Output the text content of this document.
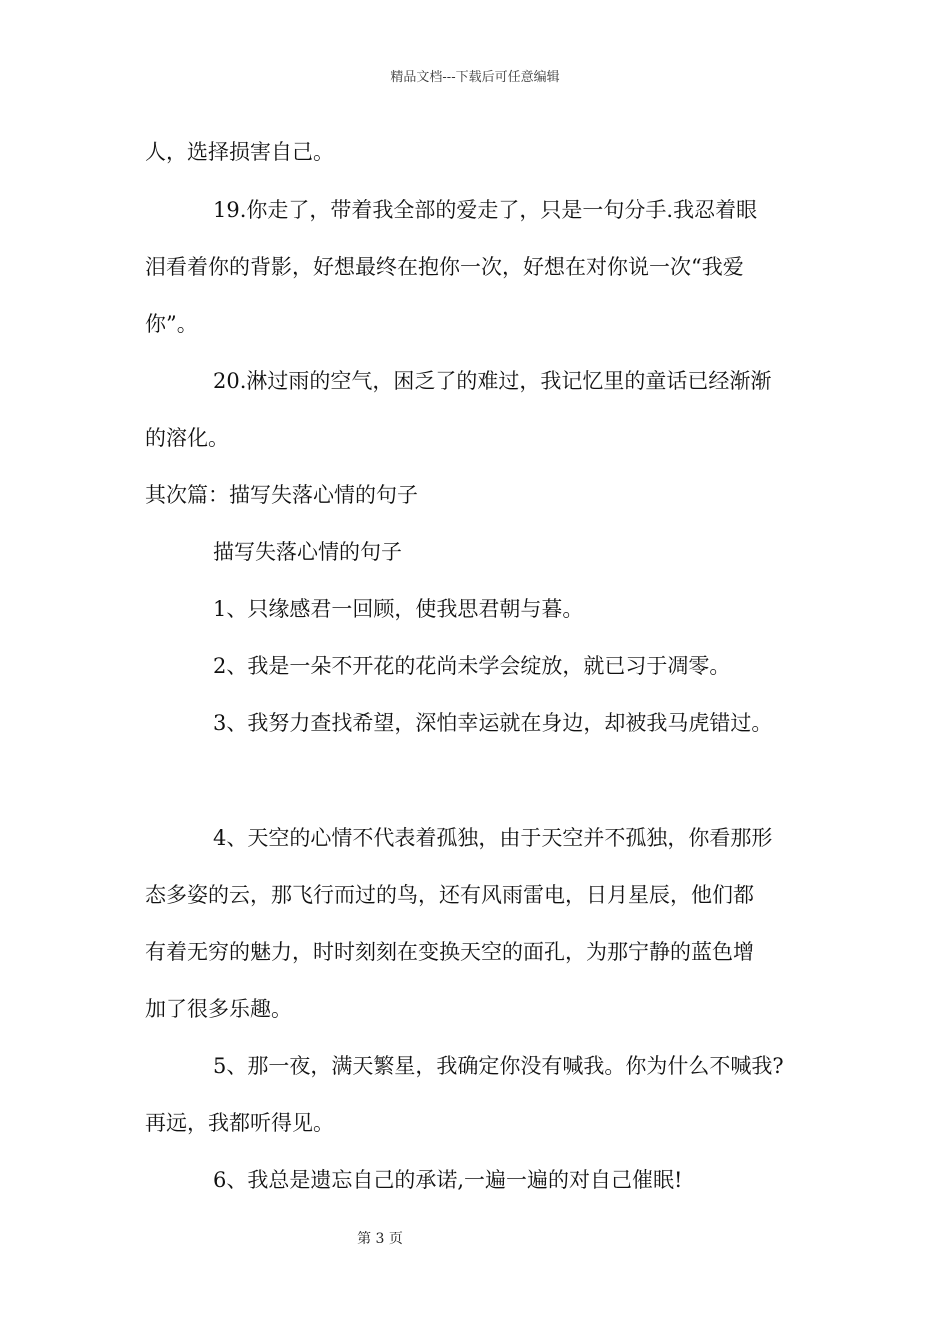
精品文档---下载后可任意编辑
人，选择损害自己。
19.你走了，带着我全部的爱走了，只是一句分手.我忍着眼
泪看着你的背影，好想最终在抱你一次，好想在对你说一次“我爱
你”。
20.淋过雨的空气，困乏了的难过，我记忆里的童话已经渐渐
的溶化。
其次篇：描写失落心情的句子
描写失落心情的句子
1、只缘感君一回顾，使我思君朝与暮。
2、我是一朵不开花的花尚未学会绽放，就已习于凋零。
3、我努力查找希望，深怕幸运就在身边，却被我马虎错过。
4、天空的心情不代表着孤独，由于天空并不孤独，你看那形
态多姿的云，那飞行而过的鸟，还有风雨雷电，日月星辰，他们都
有着无穷的魅力，时时刻刻在变换天空的面孔，为那宁静的蓝色增
加了很多乐趣。
5、那一夜，满天繁星，我确定你没有喊我。你为什么不喊我?
再远，我都听得见。
6、我总是遗忘自己的承诺,一遍一遍的对自己催眠!
第 3 页
